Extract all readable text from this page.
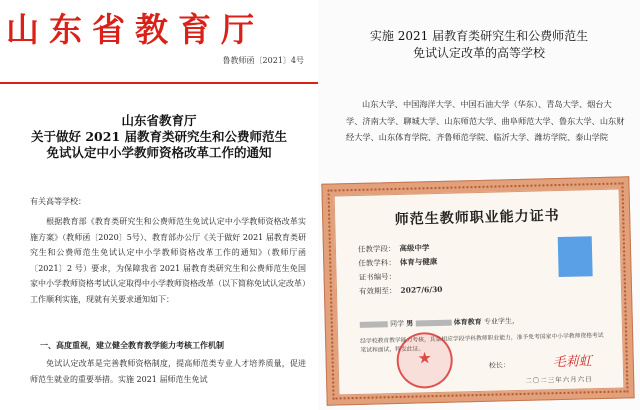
山东省教育厅
鲁教师函〔2021〕4号
山东省教育厅
关于做好 2021 届教育类研究生和公费师范生
免试认定中小学教师资格改革工作的通知
有关高等学校：
根据教育部《教育类研究生和公费师范生免试认定中小学教师资格改革实施方案》（教师函〔2020〕5号）、教育部办公厅《关于做好 2021 届教育类研究生和公费师范生免试认定中小学教师资格改革工作的通知》（教师厅函〔2021〕2 号）要求，为保障我省 2021 届教育类研究生和公费师范生免国家中小学教师资格考试认定取得中小学教师资格改革（以下简称免试认定改革）工作顺利实施，现就有关要求通知如下：
一、高度重视，建立健全教育教学能力考核工作机制
免试认定改革是完善教师资格制度，提高师范类专业人才培养质量，促进师范生就业的重要举措。实施 2021 届师范生免试
实施 2021 届教育类研究生和公费师范生
免试认定改革的高等学校
山东大学、中国海洋大学、中国石油大学（华东）、青岛大学、烟台大学、济南大学、聊城大学、山东师范大学、曲阜师范大学、鲁东大学、山东财经大学、山东体育学院、齐鲁师范学院、临沂大学、潍坊学院、泰山学院
师范生教师职业能力证书
任教学段： 高级中学
任教学科： 体育与健康
证书编号：
有效期至： 2027/6/30
同学 男	体育教育 专业学生，
经学校教育教学能力考核，具备相应学段学科教师职业能力，准予免考国家中小学教师资格考试笔试和面试，特发此证。
★	校长：	毛莉虹
二〇二三年六月六日
